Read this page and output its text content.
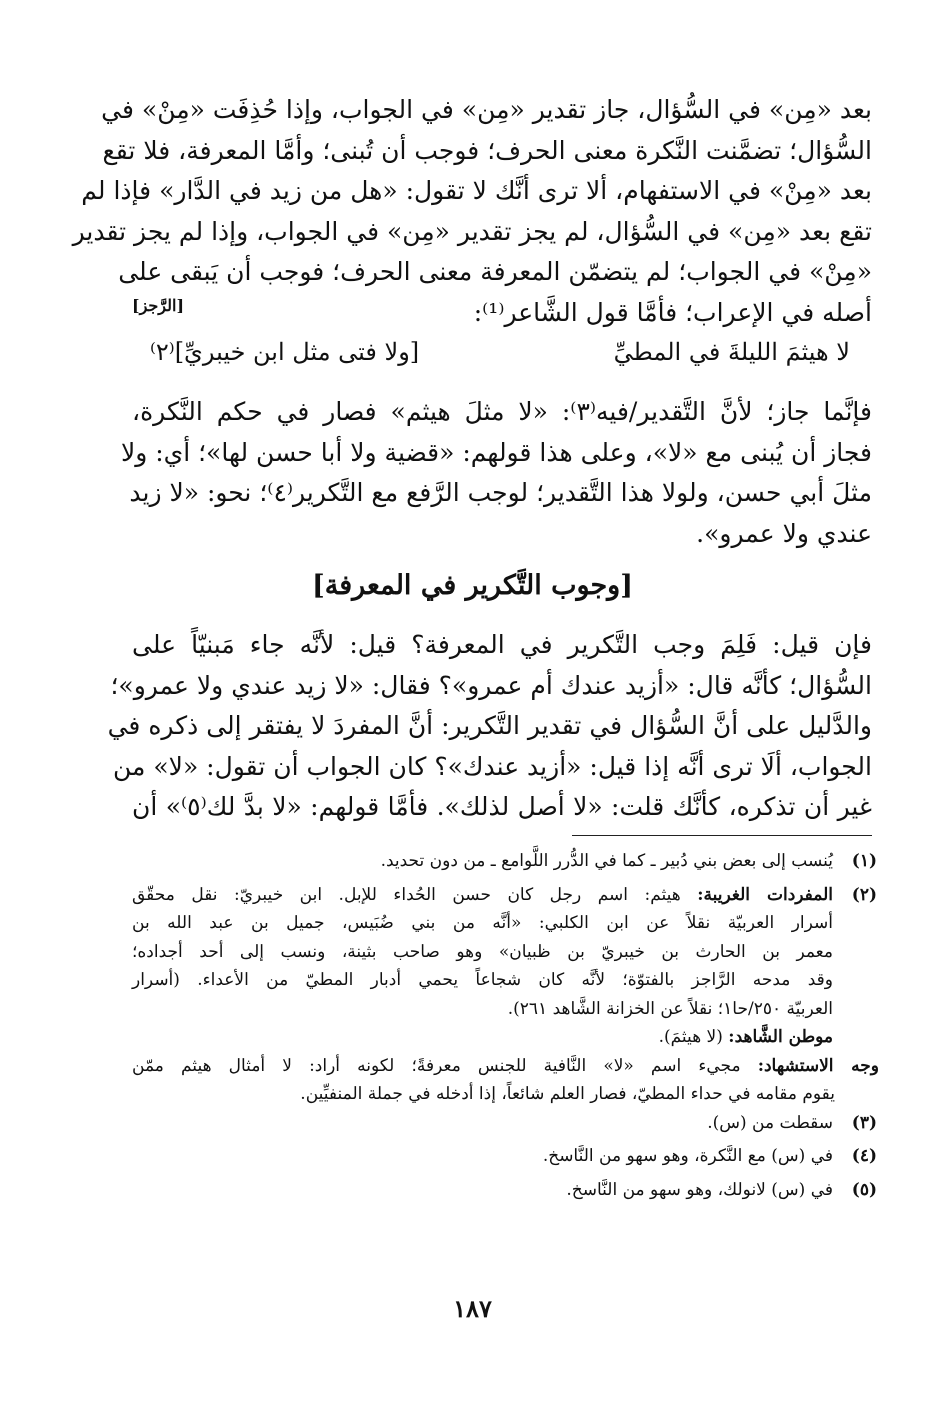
بعد «مِن» في السُّؤال، جاز تقدير «مِن» في الجواب، وإذا حُذِفَت «مِنْ» في
السُّؤال؛ تضمَّنت النَّكرة معنى الحرف؛ فوجب أن تُبنى؛ وأمَّا المعرفة، فلا تقع
بعد «مِنْ» في الاستفهام، ألا ترى أنَّك لا تقول: «هل من زيد في الدَّار» فإذا لم
تقع بعد «مِن» في السُّؤال، لم يجز تقدير «مِن» في الجواب، وإذا لم يجز تقدير
«مِنْ» في الجواب؛ لم يتضمّن المعرفة معنى الحرف؛ فوجب أن يَبقى على
أصله في الإعراب؛ فأمَّا قول الشَّاعر⁽¹⁾:
[الرَّجز]
لا هيثمَ الليلةَ في المطيِّ
[ولا فتى مثل ابن خيبريِّ]⁽٢⁾
فإنَّما جاز؛ لأنَّ التَّقدير/فيه⁽٣⁾: «لا مثلَ هيثم» فصار في حكم النَّكرة،
فجاز أن يُبنى مع «لا»، وعلى هذا قولهم: «قضية ولا أبا حسن لها»؛ أي: ولا
مثلَ أبي حسن، ولولا هذا التَّقدير؛ لوجب الرَّفع مع التَّكرير⁽٤⁾؛ نحو: «لا زيد
عندي ولا عمرو».
[وجوب التَّكرير في المعرفة]
فإن قيل: فَلِمَ وجب التَّكرير في المعرفة؟ قيل: لأنَّه جاء مَبنيّاً على
السُّؤال؛ كأنَّه قال: «أزيد عندك أم عمرو»؟ فقال: «لا زيد عندي ولا عمرو»؛
والدَّليل على أنَّ السُّؤال في تقدير التَّكرير: أنَّ المفردَ لا يفتقر إلى ذكره في
الجواب، ألَا ترى أنَّه إذا قيل: «أزيد عندك»؟ كان الجواب أن تقول: «لا» من
غير أن تذكره، كأنَّك قلت: «لا أصل لذلك». فأمَّا قولهم: «لا بدَّ لك⁽٥⁾» أن
(١)
يُنسب إلى بعض بني دُبير ـ كما في الدُّرر اللَّوامع ـ من دون تحديد.
(٢)
المفردات الغريبة: هيثم: اسم رجل كان حسن الحُداء للإبل. ابن خيبريّ: نقل محقّق
أسرار العربيّة نقلاً عن ابن الكلبي: «أنَّه من بني ضُبَيس، جميل بن عبد الله بن
معمر بن الحارث بن خيبريّ بن ظبيان» وهو صاحب بثينة، ونسب إلى أحد أجداده؛
وقد مدحه الرَّاجز بالفتوّة؛ لأنَّه كان شجاعاً يحمي أدبار المطيّ من الأعداء. (أسرار
العربيّة ٢٥٠/حا١؛ نقلاً عن الخزانة الشَّاهد ٢٦١).
موطن الشَّاهد: (لا هيثمَ).
وجه الاستشهاد: مجيء اسم «لا» النَّافية للجنس معرفةً؛ لكونه أراد: لا أمثال هيثم ممّن
يقوم مقامه في حداء المطيّ، فصار العلم شائعاً، إذا أدخله في جملة المنفيِّين.
(٣)
سقطت من (س).
(٤)
في (س) مع النَّكرة، وهو سهو من النَّاسخ.
(٥)
في (س) لانولك، وهو سهو من النَّاسخ.
١٨٧
